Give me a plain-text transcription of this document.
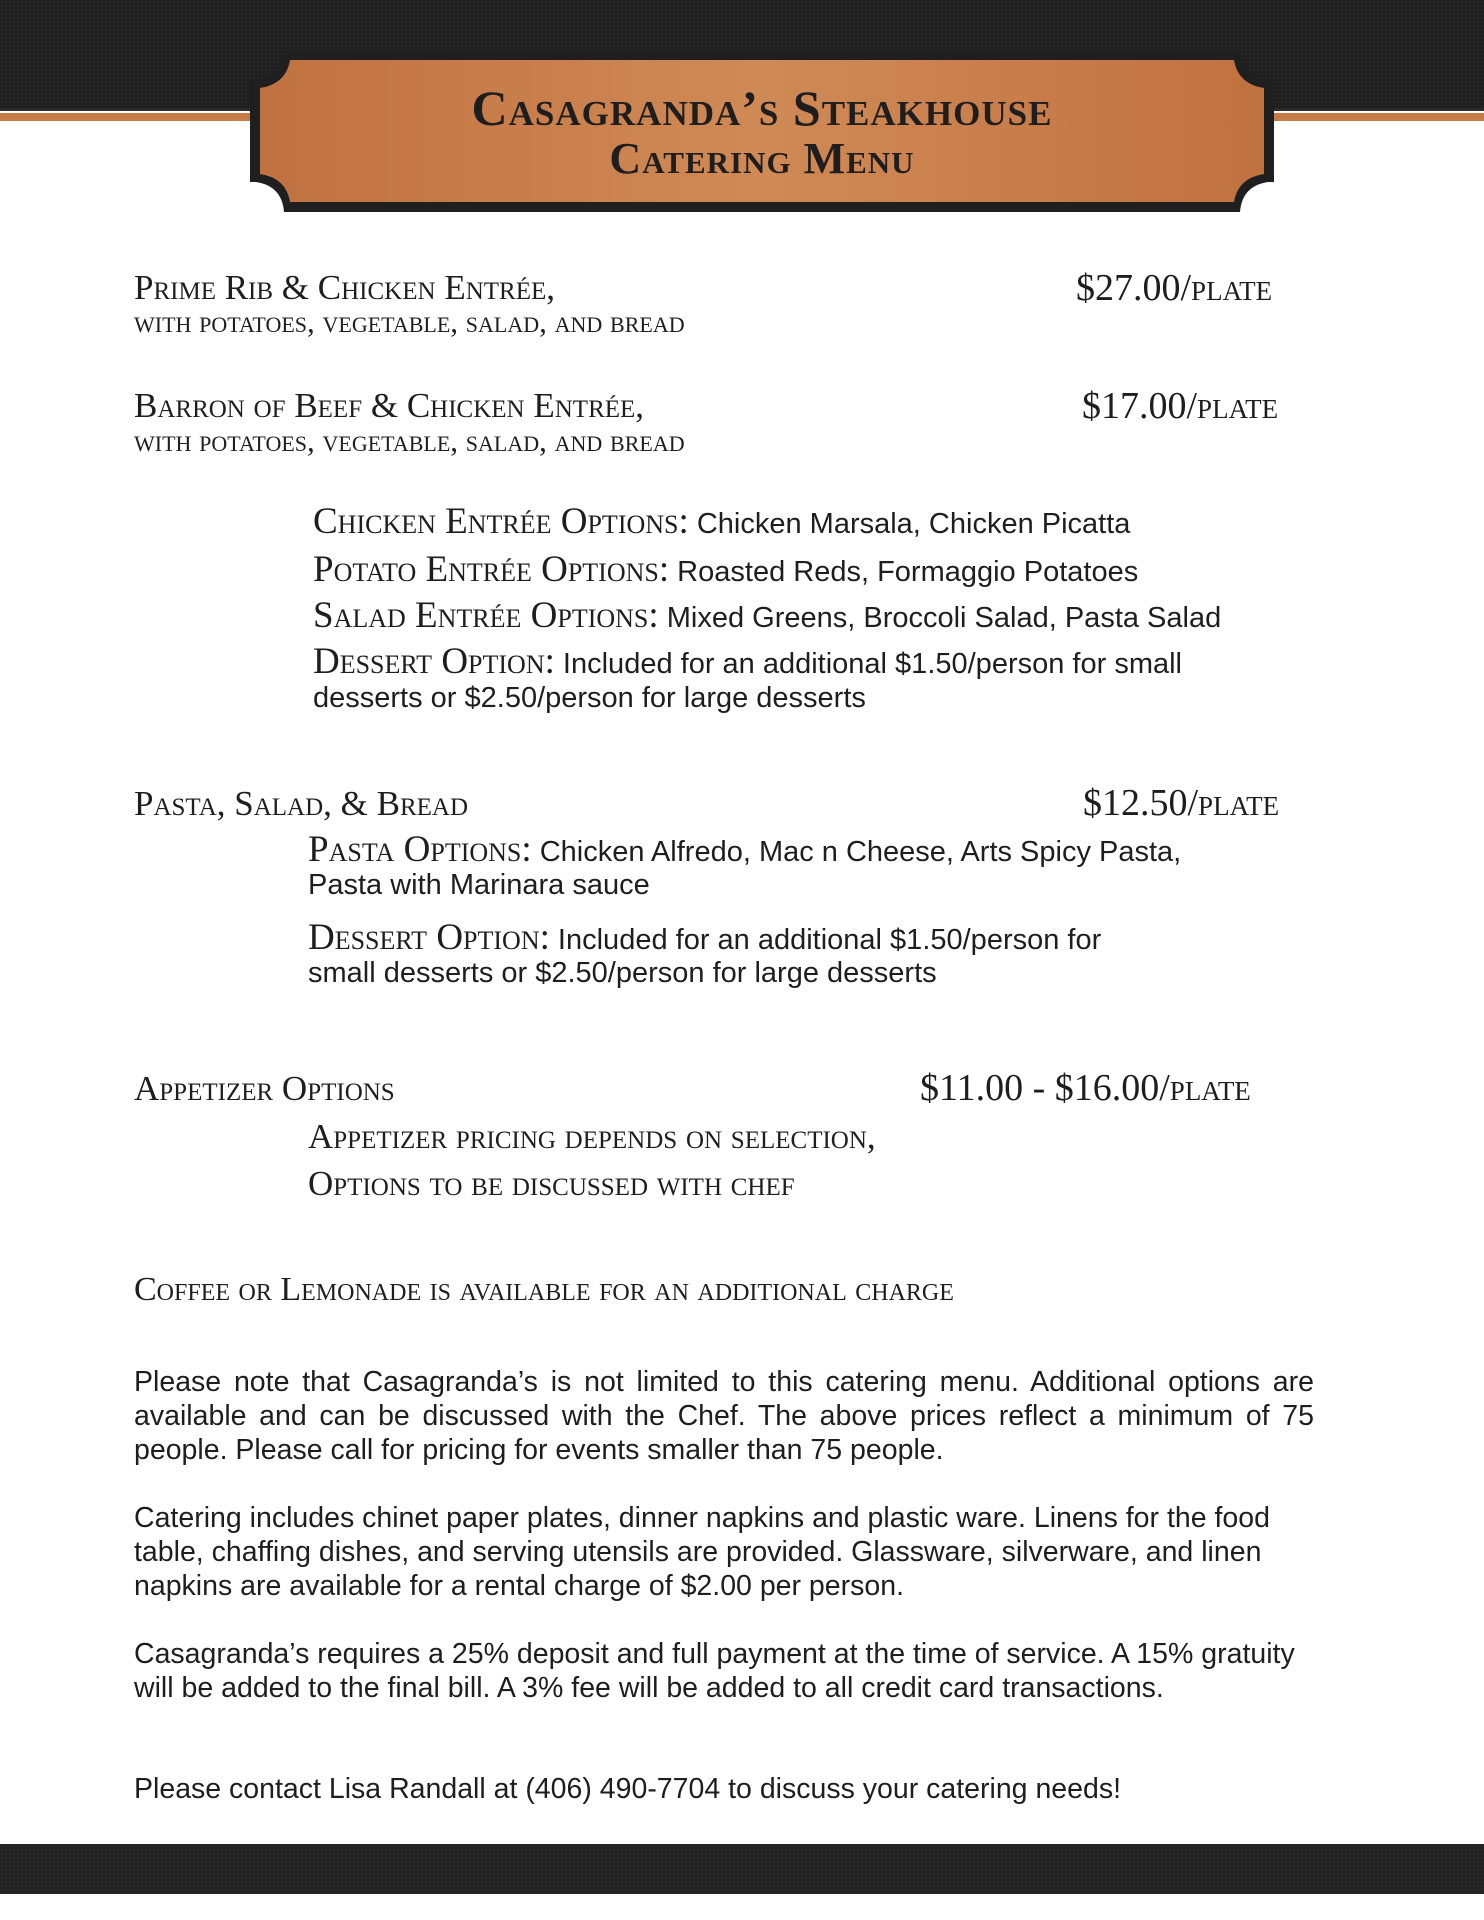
Casagranda’s Steakhouse
Catering Menu
Prime Rib & Chicken Entrée,
with potatoes, vegetable, salad, and bread
$27.00/plate
Barron of Beef & Chicken Entrée,
with potatoes, vegetable, salad, and bread
$17.00/plate
Chicken Entrée Options: Chicken Marsala, Chicken Picatta
Potato Entrée Options: Roasted Reds, Formaggio Potatoes
Salad Entrée Options: Mixed Greens, Broccoli Salad, Pasta Salad
Dessert Option: Included for an additional $1.50/person for small
desserts or $2.50/person for large desserts
Pasta, Salad, & Bread	$12.50/plate
Pasta Options: Chicken Alfredo, Mac n Cheese, Arts Spicy Pasta,
Pasta with Marinara sauce
Dessert Option: Included for an additional $1.50/person for
small desserts or $2.50/person for large desserts
Appetizer Options	$11.00 - $16.00/plate
Appetizer pricing depends on selection,
Options to be discussed with chef
Coffee or Lemonade is available for an additional charge

Please note that Casagranda’s is not limited to this catering menu. Additional options are available and can be discussed with the Chef. The above prices reflect a minimum of 75 people. Please call for pricing for events smaller than 75 people.

Catering includes chinet paper plates, dinner napkins and plastic ware. Linens for the food table, chaffing dishes, and serving utensils are provided. Glassware, silverware, and linen napkins are available for a rental charge of $2.00 per person.

Casagranda’s requires a 25% deposit and full payment at the time of service. A 15% gratuity will be added to the final bill. A 3% fee will be added to all credit card transactions.

Please contact Lisa Randall at (406) 490-7704 to discuss your catering needs!
